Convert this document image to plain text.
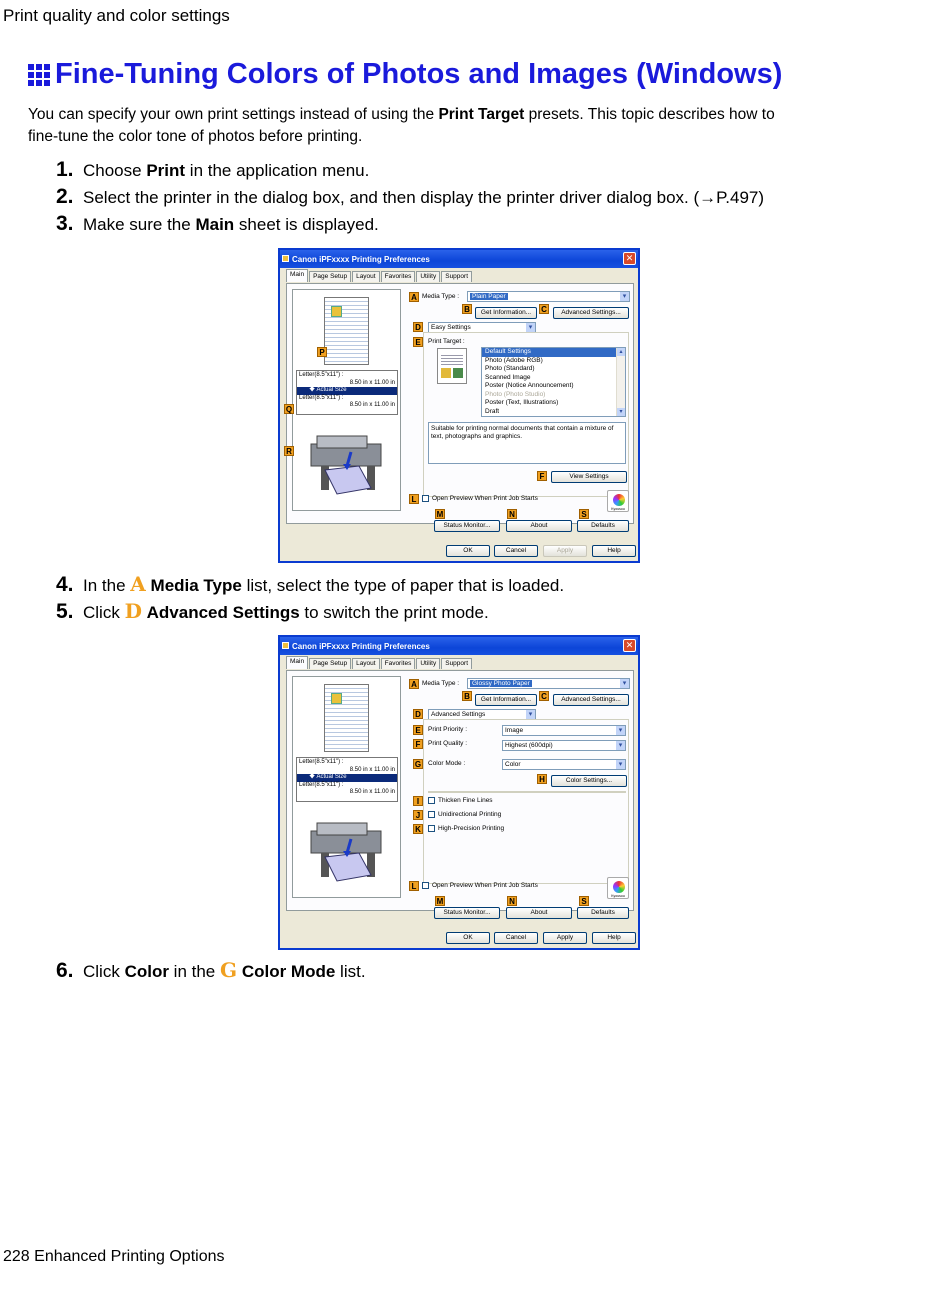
Print quality and color settings
Fine-Tuning Colors of Photos and Images (Windows)
You can specify your own print settings instead of using the Print Target presets. This topic describes how to fine-tune the color tone of photos before printing.
1. Choose Print in the application menu.
2. Select the printer in the dialog box, and then display the printer driver dialog box. (→P.497)
3. Make sure the Main sheet is displayed.
Canon iPFxxxx Printing Preferences	✕
Main	Page Setup	Layout	Favorites	Utility	Support
Letter(8.5"x11") :
8.50 in x 11.00 in
🡇 Actual Size
Letter(8.5"x11") :
8.50 in x 11.00 in
P
Q
R
A Media Type :	Plain Paper ▾
B	Get Information...	C	Advanced Settings...
D	Easy Settings ▾
E	Print Target :
Default Settings
Photo (Adobe RGB)
Photo (Standard)
Scanned Image
Poster (Notice Announcement)
Photo (Photo Studio)
Poster (Text, Illustrations)
Draft
▴ ▾
Suitable for printing normal documents that contain a mixture of text, photographs and graphics.
F	View Settings
L	Open Preview When Print Job Starts
Kyousou
M	N	S
Status Monitor...	About	Defaults
OK	Cancel	Apply	Help
4. In the A Media Type list, select the type of paper that is loaded.
5. Click D Advanced Settings to switch the print mode.
Canon iPFxxxx Printing Preferences	✕
Main	Page Setup	Layout	Favorites	Utility	Support
Letter(8.5"x11") :
8.50 in x 11.00 in
🡇 Actual Size
Letter(8.5"x11") :
8.50 in x 11.00 in
A Media Type :	Glossy Photo Paper ▾
B	Get Information...	C	Advanced Settings...
D	Advanced Settings ▾
E	Print Priority :	Image ▾
F	Print Quality :	Highest (600dpi) ▾
G Color Mode :	Color ▾
H	Color Settings...
I	Thicken Fine Lines
J	Unidirectional Printing
K	High-Precision Printing
L	Open Preview When Print Job Starts
Kyousou
M	N	S
Status Monitor...	About	Defaults
OK	Cancel	Apply	Help
6. Click Color in the G Color Mode list.
228 Enhanced Printing Options
